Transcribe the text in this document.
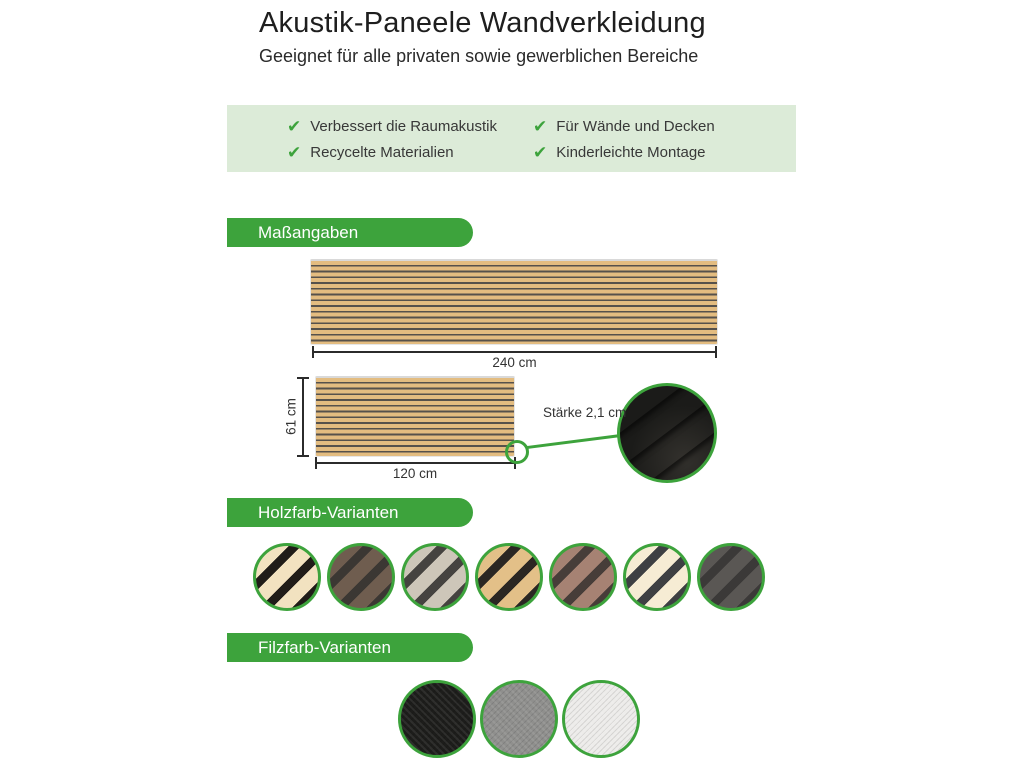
Akustik-Paneele Wandverkleidung
Geeignet für alle privaten sowie gewerblichen Bereiche
✔ Verbessert die Raumakustik ✔ Für Wände und Decken
✔ Recycelte Materialien	✔ Kinderleichte Montage
Maßangaben
240 cm
61 cm
120 cm
Stärke 2,1 cm
Holzfarb-Varianten
Filzfarb-Varianten
